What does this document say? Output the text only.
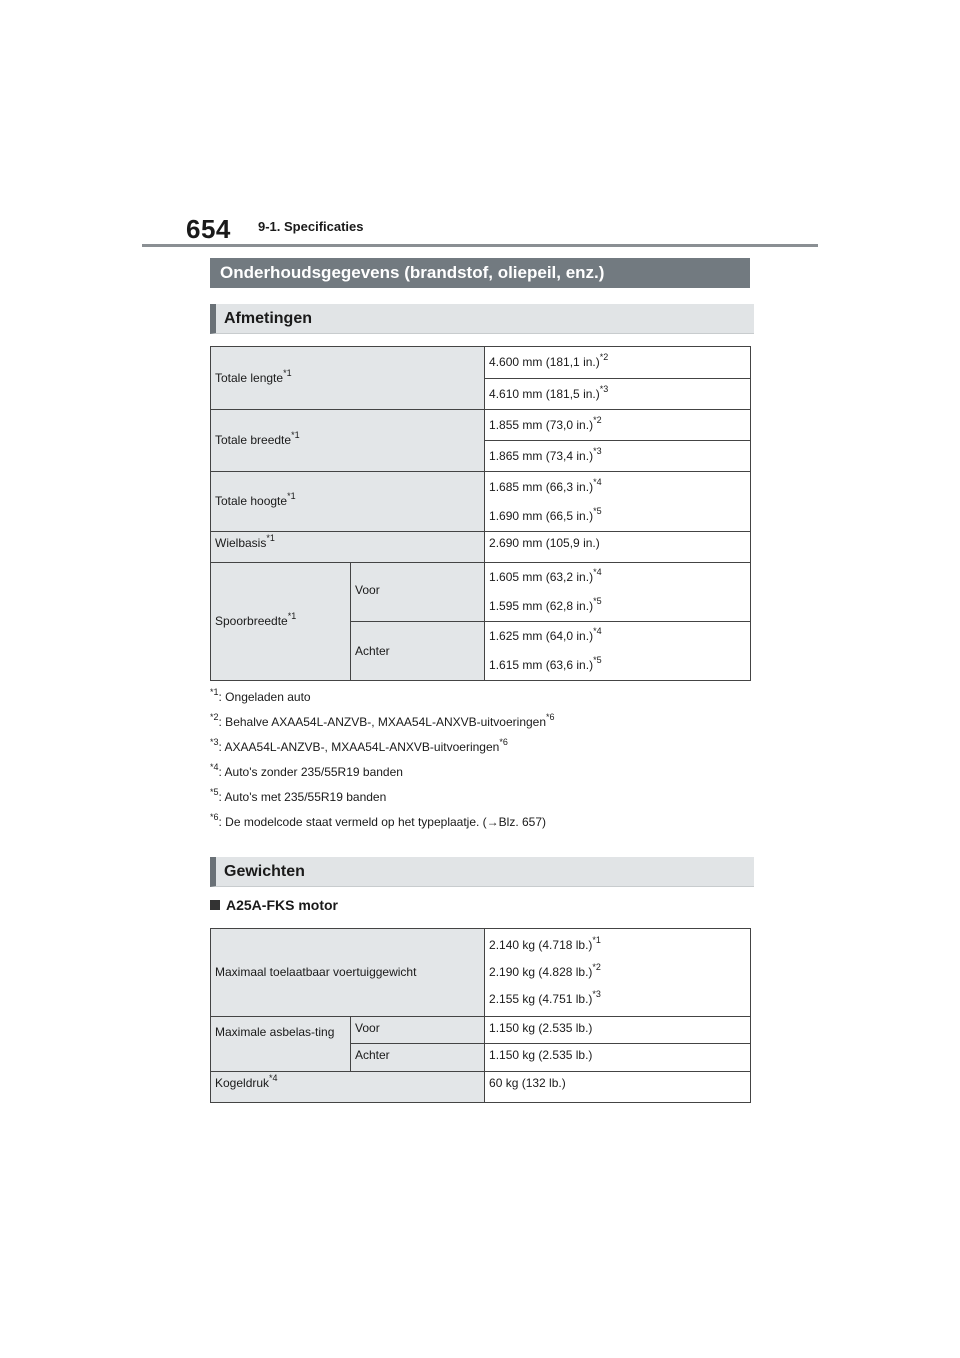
654 9-1. Specificaties
Onderhoudsgegevens (brandstof, oliepeil, enz.)
Afmetingen
Totale lengte$^{*1}$		4.600 mm (181,1 in.)$^{*2}$
		4.610 mm (181,5 in.)$^{*3}$
Totale breedte$^{*1}$		1.855 mm (73,0 in.)$^{*2}$
		1.865 mm (73,4 in.)$^{*3}$
Totale hoogte$^{*1}$		1.685 mm (66,3 in.)$^{*4}$
1.690 mm (66,5 in.)$^{*5}$

Wielbasis$^{*1}$		2.690 mm (105,9 in.)
Spoorbreedte$^{*1}$	Voor	1.605 mm (63,2 in.)$^{*4}$
1.595 mm (62,8 in.)$^{*5}$

	Achter	1.625 mm (64,0 in.)$^{*4}$
1.615 mm (63,6 in.)$^{*5}$
$^{*1}$: Ongeladen auto
$^{*2}$: Behalve AXAA54L-ANZVB-, MXAA54L-ANXVB-uitvoeringen$^{*6}$
$^{*3}$: AXAA54L-ANZVB-, MXAA54L-ANXVB-uitvoeringen$^{*6}$
$^{*4}$: Auto's zonder 235/55R19 banden
$^{*5}$: Auto's met 235/55R19 banden
$^{*6}$: De modelcode staat vermeld op het typeplaatje. (→Blz. 657)
Gewichten
A25A-FKS motor
Maximaal toelaatbaar voertuiggewicht		2.140 kg (4.718 lb.)$^{*1}$
2.190 kg (4.828 lb.)$^{*2}$
2.155 kg (4.751 lb.)$^{*3}$

Maximale asbelas-ting	Voor	1.150 kg (2.535 lb.)
	Achter	1.150 kg (2.535 lb.)
Kogeldruk$^{*4}$		60 kg (132 lb.)
